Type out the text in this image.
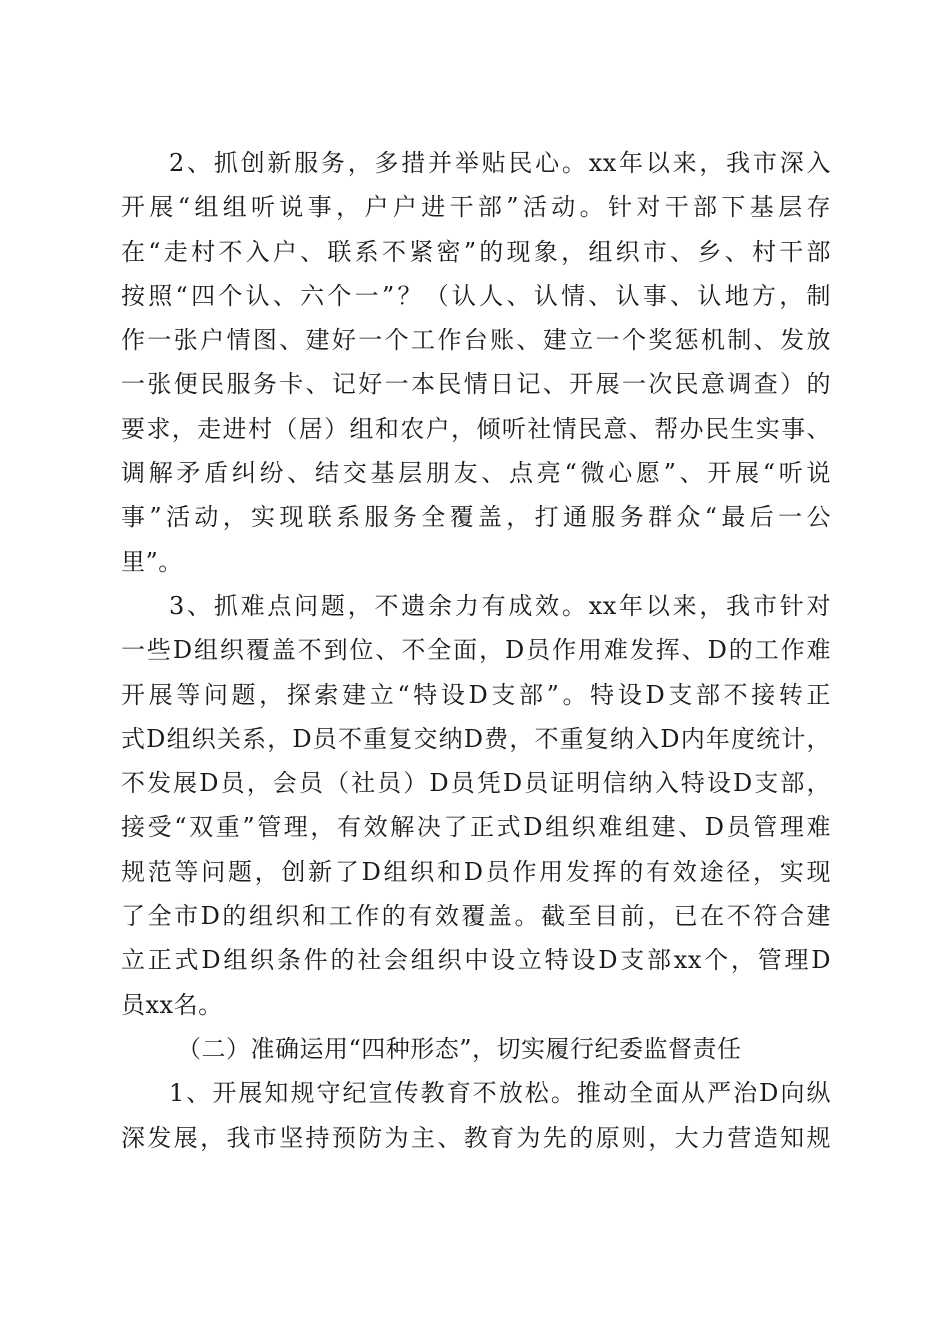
2、抓创新服务，多措并举贴民心。xx年以来，我市深入
开展“组组听说事，户户进干部”活动。针对干部下基层存
在“走村不入户、联系不紧密”的现象，组织市、乡、村干部
按照“四个认、六个一”？（认人、认情、认事、认地方，制
作一张户情图、建好一个工作台账、建立一个奖惩机制、发放
一张便民服务卡、记好一本民情日记、开展一次民意调查）的
要求，走进村（居）组和农户，倾听社情民意、帮办民生实事、
调解矛盾纠纷、结交基层朋友、点亮“微心愿”、开展“听说
事”活动，实现联系服务全覆盖，打通服务群众“最后一公
里”。
3、抓难点问题，不遗余力有成效。xx年以来，我市针对
一些D组织覆盖不到位、不全面，D员作用难发挥、D的工作难
开展等问题，探索建立“特设D支部”。特设D支部不接转正
式D组织关系，D员不重复交纳D费，不重复纳入D内年度统计，
不发展D员，会员（社员）D员凭D员证明信纳入特设D支部，
接受“双重”管理，有效解决了正式D组织难组建、D员管理难
规范等问题，创新了D组织和D员作用发挥的有效途径，实现
了全市D的组织和工作的有效覆盖。截至目前，已在不符合建
立正式D组织条件的社会组织中设立特设D支部xx个，管理D
员xx名。
（二）准确运用“四种形态”，切实履行纪委监督责任
1、开展知规守纪宣传教育不放松。推动全面从严治D向纵
深发展，我市坚持预防为主、教育为先的原则，大力营造知规
